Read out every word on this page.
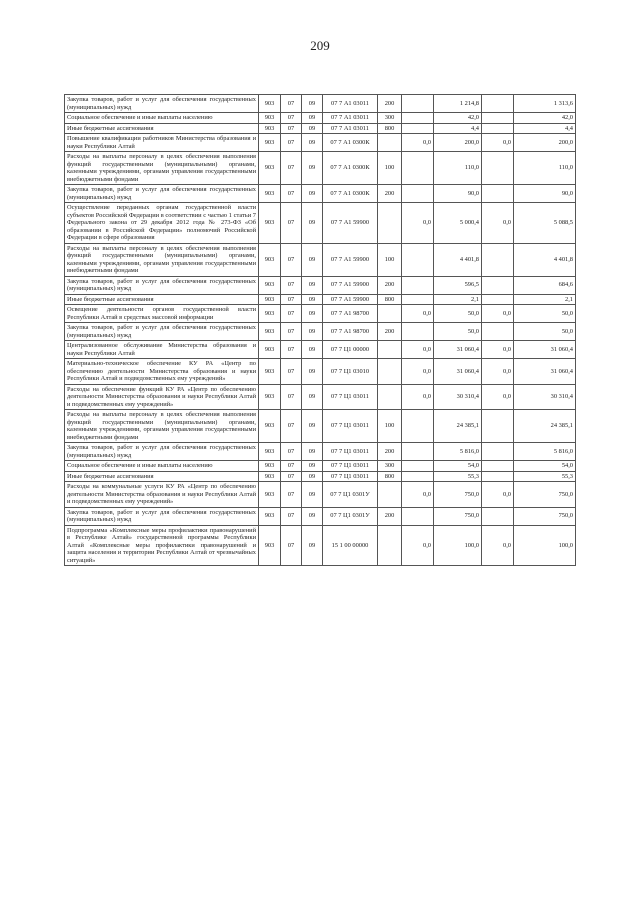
209
Закупка товаров, работ и услуг для обеспечения государственных (муниципальных) нужд	903	07	09	07 7 А1 03011	200		1 214,8		1 313,6
Социальное обеспечение и иные выплаты населению	903	07	09	07 7 А1 03011	300		42,0		42,0
Иные бюджетные ассигнования	903	07	09	07 7 А1 03011	800		4,4		4,4
Повышение квалификации работников Министерства образования и науки Республики Алтай	903	07	09	07 7 А1 0300К		0,0	200,0	0,0	200,0
Расходы на выплаты персоналу в целях обеспечения выполнения функций государственными (муниципальными) органами, казенными учреждениями, органами управления государственными внебюджетными фондами	903	07	09	07 7 А1 0300К	100		110,0		110,0
Закупка товаров, работ и услуг для обеспечения государственных (муниципальных) нужд	903	07	09	07 7 А1 0300К	200		90,0		90,0
Осуществление переданных органам государственной власти субъектов Российской Федерации в соответствии с частью 1 статьи 7 Федерального закона от 29 декабря 2012 года № 273-ФЗ «Об образовании в Российской Федерации» полномочий Российской Федерации в сфере образования	903	07	09	07 7 А1 59900		0,0	5 000,4	0,0	5 088,5
Расходы на выплаты персоналу в целях обеспечения выполнения функций государственными (муниципальными) органами, казенными учреждениями, органами управления государственными внебюджетными фондами	903	07	09	07 7 А1 59900	100		4 401,8		4 401,8
Закупка товаров, работ и услуг для обеспечения государственных (муниципальных) нужд	903	07	09	07 7 А1 59900	200		596,5		684,6
Иные бюджетные ассигнования	903	07	09	07 7 А1 59900	800		2,1		2,1
Освещение деятельности органов государственной власти Республики Алтай в средствах массовой информации	903	07	09	07 7 А1 98700		0,0	50,0	0,0	50,0
Закупка товаров, работ и услуг для обеспечения государственных (муниципальных) нужд	903	07	09	07 7 А1 98700	200		50,0		50,0
Централизованное обслуживание Министерства образования и науки Республики Алтай	903	07	09	07 7 Ц1 00000		0,0	31 060,4	0,0	31 060,4
Материально-техническое обеспечение КУ РА «Центр по обеспечению деятельности Министерства образования и науки Республики Алтай и подведомственных ему учреждений»	903	07	09	07 7 Ц1 03010		0,0	31 060,4	0,0	31 060,4
Расходы на обеспечение функций КУ РА «Центр по обеспечению деятельности Министерства образования и науки Республики Алтай и подведомственных ему учреждений»	903	07	09	07 7 Ц1 03011		0,0	30 310,4	0,0	30 310,4
Расходы на выплаты персоналу в целях обеспечения выполнения функций государственными (муниципальными) органами, казенными учреждениями, органами управления государственными внебюджетными фондами	903	07	09	07 7 Ц1 03011	100		24 385,1		24 385,1
Закупка товаров, работ и услуг для обеспечения государственных (муниципальных) нужд	903	07	09	07 7 Ц1 03011	200		5 816,0		5 816,0
Социальное обеспечение и иные выплаты населению	903	07	09	07 7 Ц1 03011	300		54,0		54,0
Иные бюджетные ассигнования	903	07	09	07 7 Ц1 03011	800		55,3		55,3
Расходы на коммунальные услуги КУ РА «Центр по обеспечению деятельности Министерства образования и науки Республики Алтай и подведомственных ему учреждений»	903	07	09	07 7 Ц1 0301У		0,0	750,0	0,0	750,0
Закупка товаров, работ и услуг для обеспечения государственных (муниципальных) нужд	903	07	09	07 7 Ц1 0301У	200		750,0		750,0
Подпрограмма «Комплексные меры профилактики правонарушений в Республике Алтай» государственной программы Республики Алтай «Комплексные меры профилактики правонарушений и защита населения и территории Республики Алтай от чрезвычайных ситуаций»	903	07	09	15 1 00 00000		0,0	100,0	0,0	100,0
